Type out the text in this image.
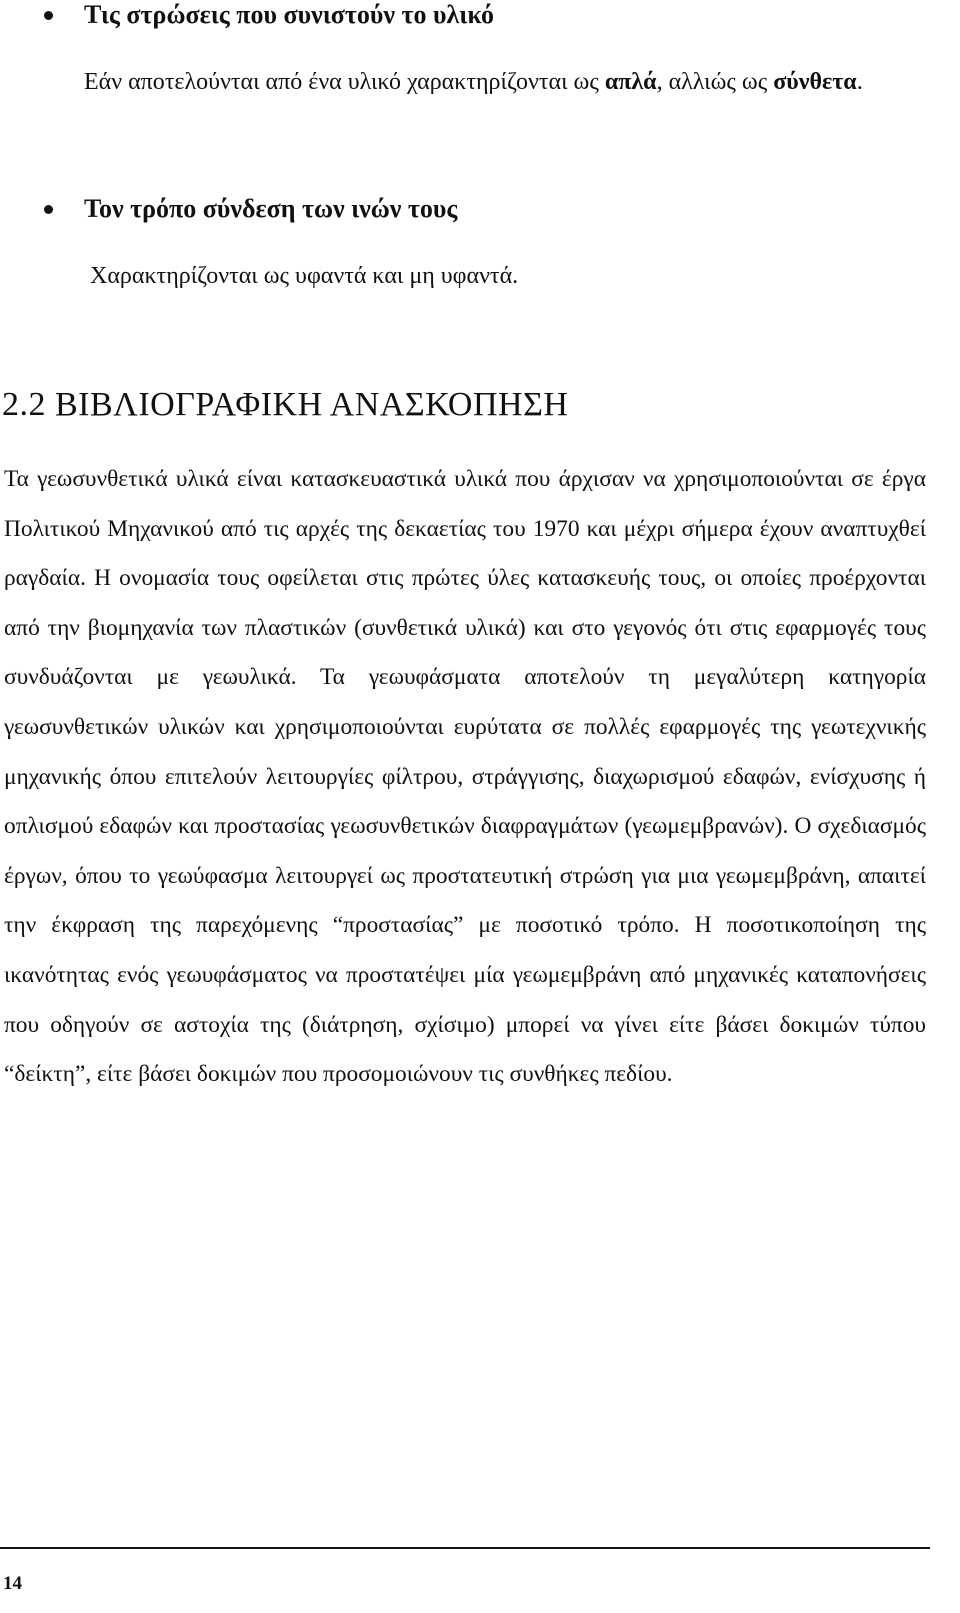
Τις στρώσεις που συνιστούν το υλικό
Εάν αποτελούνται από ένα υλικό χαρακτηρίζονται ως απλά, αλλιώς ως σύνθετα.
Τον τρόπο σύνδεση των ινών τους
Χαρακτηρίζονται ως υφαντά και μη υφαντά.
2.2 ΒΙΒΛΙΟΓΡΑΦΙΚΗ ΑΝΑΣΚΟΠΗΣΗ
Τα γεωσυνθετικά υλικά είναι κατασκευαστικά υλικά που άρχισαν να χρησιμοποιούνται σε έργα Πολιτικού Μηχανικού από τις αρχές της δεκαετίας του 1970 και μέχρι σήμερα έχουν αναπτυχθεί ραγδαία. Η ονομασία τους οφείλεται στις πρώτες ύλες κατασκευής τους, οι οποίες προέρχονται από την βιομηχανία των πλαστικών (συνθετικά υλικά) και στο γεγονός ότι στις εφαρμογές τους συνδυάζονται με γεωυλικά. Τα γεωυφάσματα αποτελούν τη μεγαλύτερη κατηγορία γεωσυνθετικών υλικών και χρησιμοποιούνται ευρύτατα σε πολλές εφαρμογές της γεωτεχνικής μηχανικής όπου επιτελούν λειτουργίες φίλτρου, στράγγισης, διαχωρισμού εδαφών, ενίσχυσης ή οπλισμού εδαφών και προστασίας γεωσυνθετικών διαφραγμάτων (γεωμεμβρανών). Ο σχεδιασμός έργων, όπου το γεωύφασμα λειτουργεί ως προστατευτική στρώση για μια γεωμεμβράνη, απαιτεί την έκφραση της παρεχόμενης “προστασίας” με ποσοτικό τρόπο. Η ποσοτικοποίηση της ικανότητας ενός γεωυφάσματος να προστατέψει μία γεωμεμβράνη από μηχανικές καταπονήσεις που οδηγούν σε αστοχία της (διάτρηση, σχίσιμο) μπορεί να γίνει είτε βάσει δοκιμών τύπου “δείκτη”, είτε βάσει δοκιμών που προσομοιώνουν τις συνθήκες πεδίου.
14
